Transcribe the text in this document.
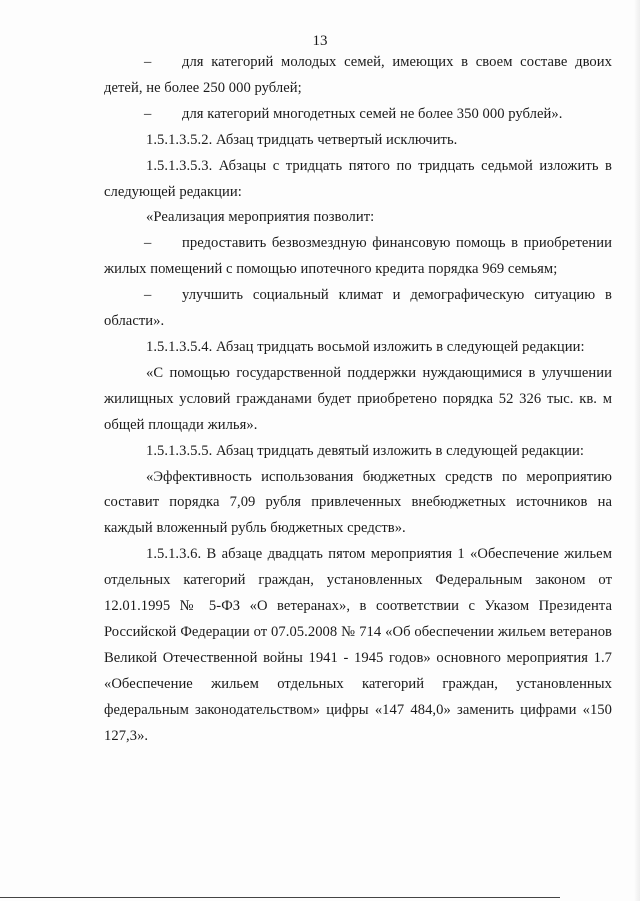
13

– для категорий молодых семей, имеющих в своем составе двоих детей, не более 250 000 рублей;

– для категорий многодетных семей не более 350 000 рублей».

1.5.1.3.5.2. Абзац тридцать четвертый исключить.

1.5.1.3.5.3. Абзацы с тридцать пятого по тридцать седьмой изложить в следующей редакции:

«Реализация мероприятия позволит:

– предоставить безвозмездную финансовую помощь в приобретении жилых помещений с помощью ипотечного кредита порядка 969 семьям;

– улучшить социальный климат и демографическую ситуацию в области».

1.5.1.3.5.4. Абзац тридцать восьмой изложить в следующей редакции:

«С помощью государственной поддержки нуждающимися в улучшении жилищных условий гражданами будет приобретено порядка 52 326 тыс. кв. м общей площади жилья».

1.5.1.3.5.5. Абзац тридцать девятый изложить в следующей редакции:

«Эффективность использования бюджетных средств по мероприятию составит порядка 7,09 рубля привлеченных внебюджетных источников на каждый вложенный рубль бюджетных средств».

1.5.1.3.6. В абзаце двадцать пятом мероприятия 1 «Обеспечение жильем отдельных категорий граждан, установленных Федеральным законом от 12.01.1995 № 5-ФЗ «О ветеранах», в соответствии с Указом Президента Российской Федерации от 07.05.2008 № 714 «Об обеспечении жильем ветеранов Великой Отечественной войны 1941 - 1945 годов» основного мероприятия 1.7 «Обеспечение жильем отдельных категорий граждан, установленных федеральным законодательством» цифры «147 484,0» заменить цифрами «150 127,3».
